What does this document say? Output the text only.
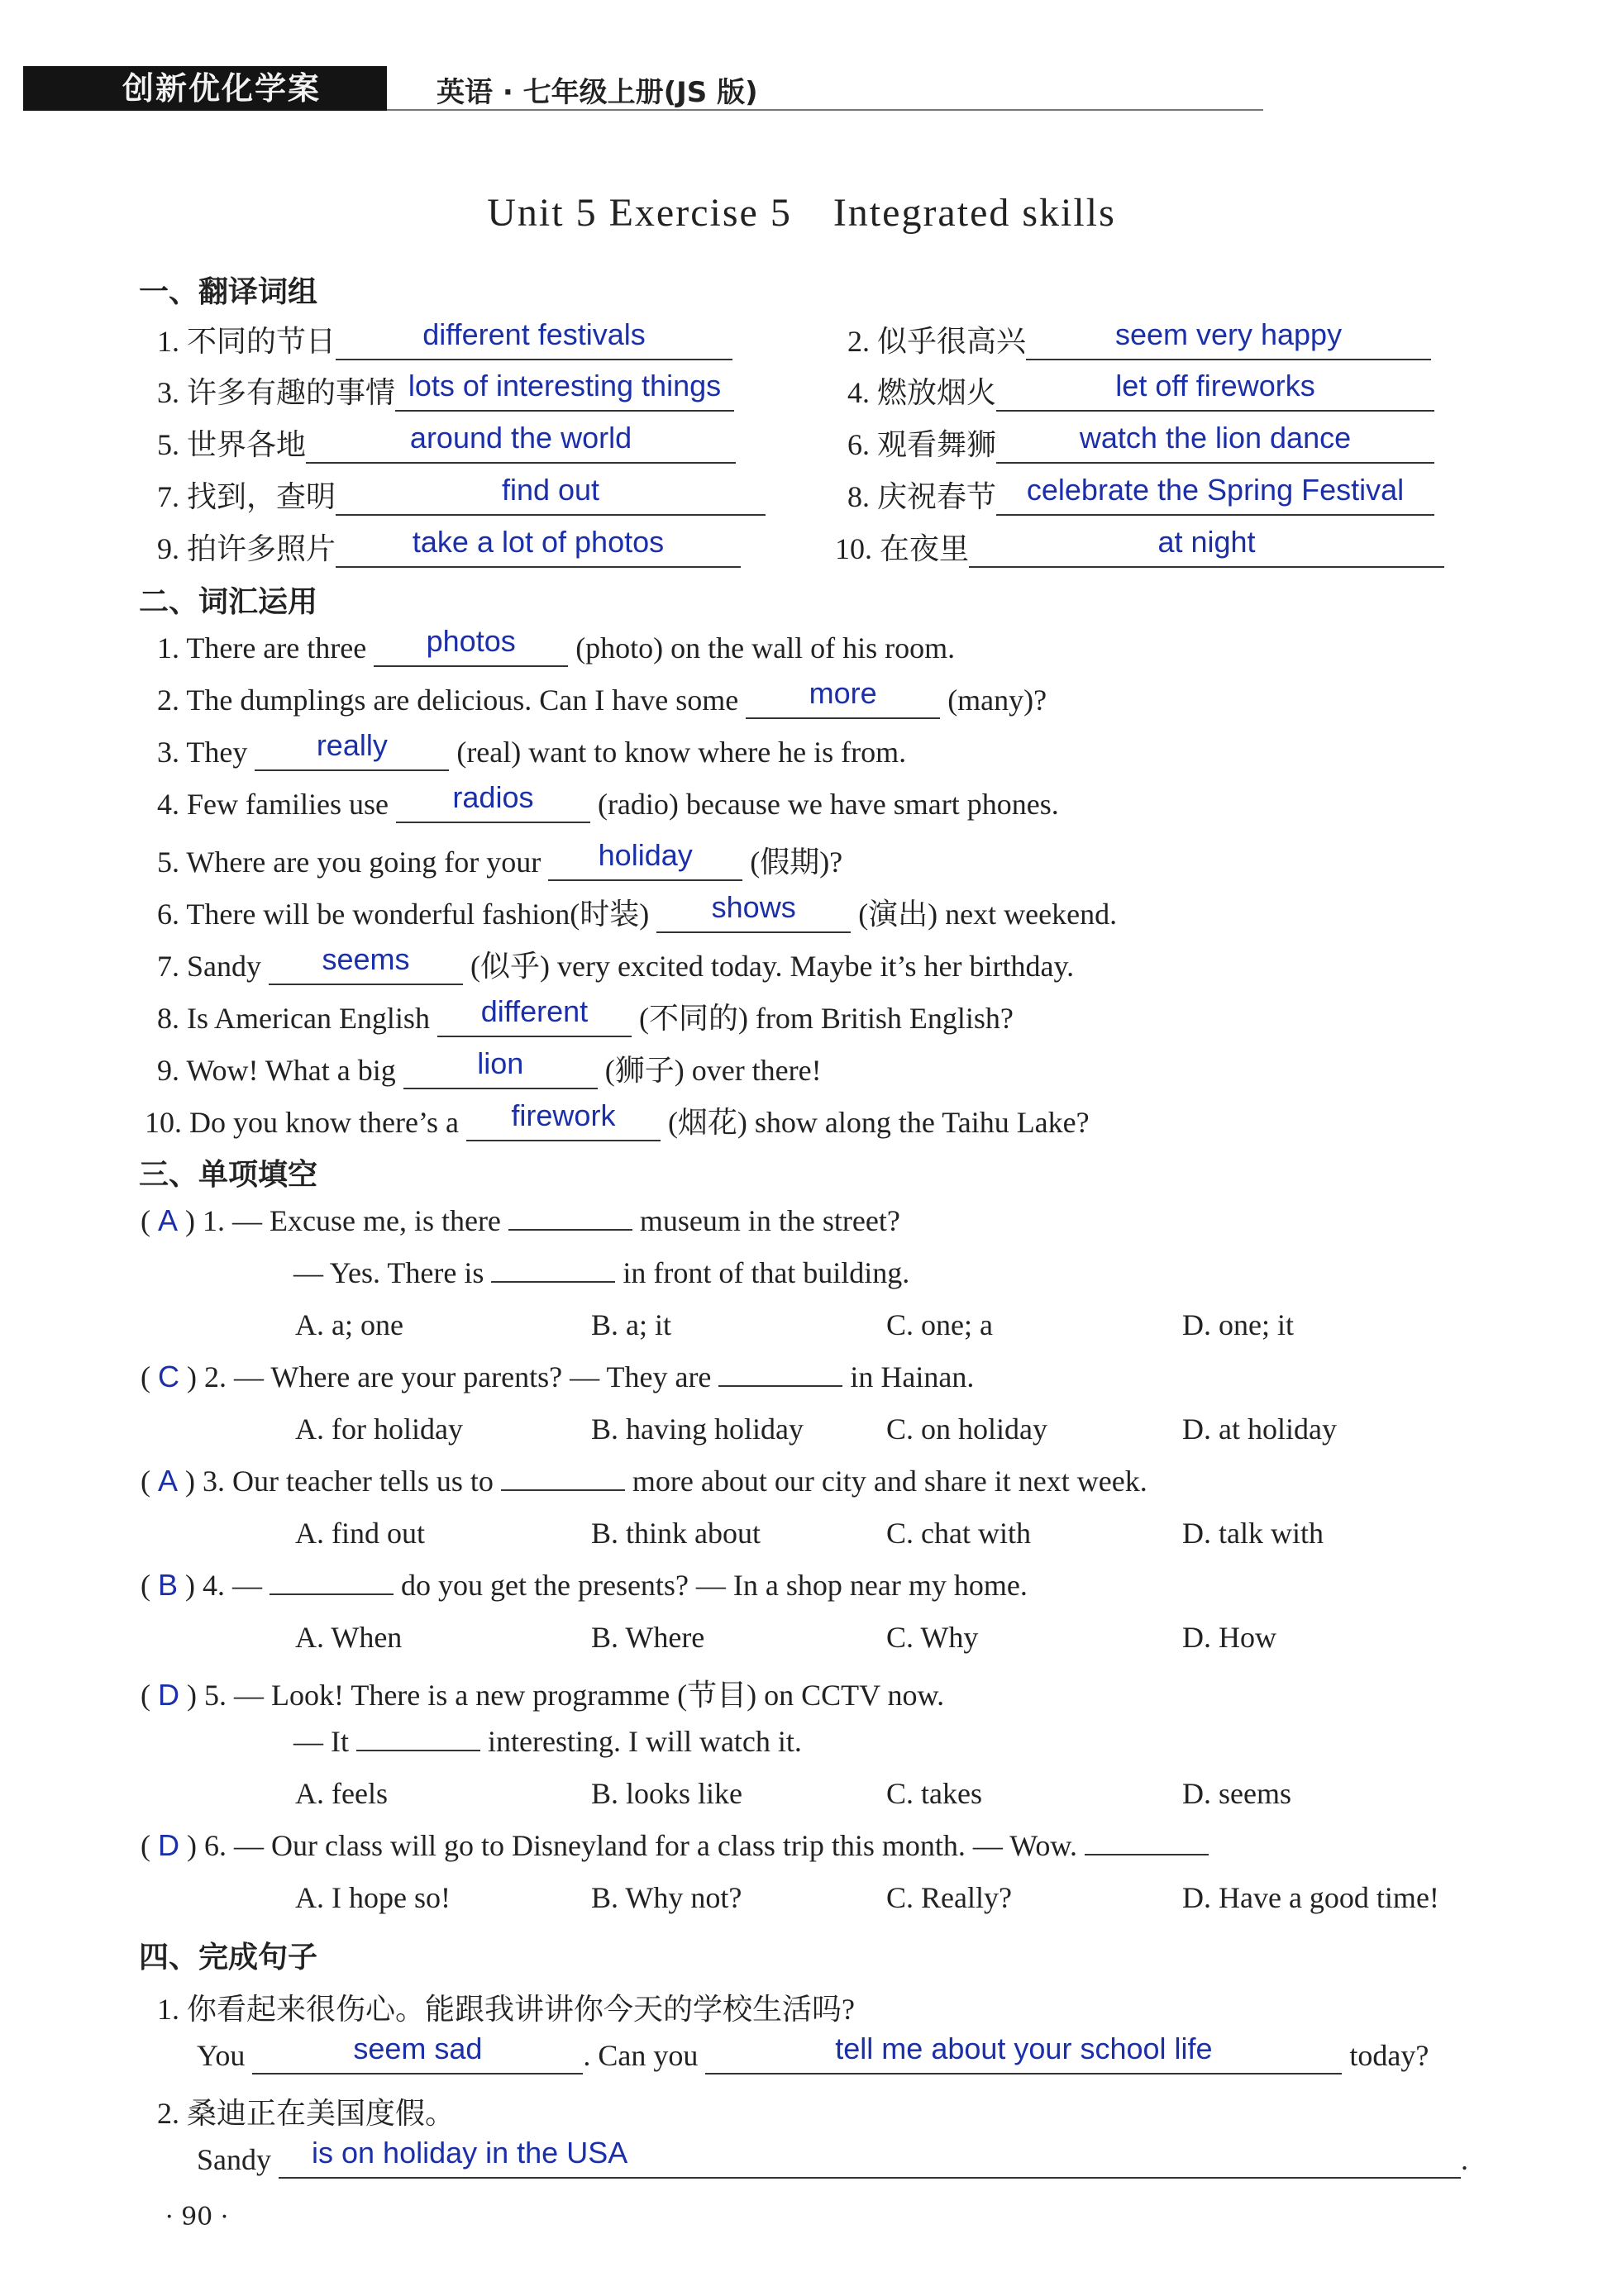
创新优化学案	英语 · 七年级上册(JS 版)
Unit 5 Exercise 5　Integrated skills
一、翻译词组
1. 不同的节日	different festivals	2. 似乎很高兴	seem very happy
3. 许多有趣的事情 lots of interesting things	4. 燃放烟火	let off fireworks
5. 世界各地	around the world	6. 观看舞狮	watch the lion dance
7. 找到，查明	find out	8. 庆祝春节 celebrate the Spring Festival
9. 拍许多照片	take a lot of photos	10. 在夜里	at night
二、词汇运用
1. There are three photos (photo) on the wall of his room.
2. The dumplings are delicious. Can I have some more (many)?
3. They really (real) want to know where he is from.
4. Few families use radios (radio) because we have smart phones.
5. Where are you going for your holiday (假期)?
6. There will be wonderful fashion(时装) shows (演出) next weekend.
7. Sandy seems (似乎) very excited today. Maybe it’s her birthday.
8. Is American English different (不同的) from British English?
9. Wow! What a big	lion	(狮子) over there!
10. Do you know there’s a firework (烟花) show along the Taihu Lake?
三、单项填空
( A ) 1. — Excuse me, is there	museum in the street?
— Yes. There is	in front of that building.
A. a; one	B. a; it	C. one; a	D. one; it
( C ) 2. — Where are your parents? — They are	in Hainan.
A. for holiday	B. having holiday	C. on holiday	D. at holiday
( A ) 3. Our teacher tells us to	more about our city and share it next week.
A. find out	B. think about	C. chat with	D. talk with
( B ) 4. —	do you get the presents? — In a shop near my home.
A. When	B. Where	C. Why	D. How
( D ) 5. — Look! There is a new programme (节目) on CCTV now.
— It	interesting. I will watch it.
A. feels	B. looks like	C. takes	D. seems
( D ) 6. — Our class will go to Disneyland for a class trip this month. — Wow.
A. I hope so!	B. Why not?	C. Really?	D. Have a good time!
四、完成句子
1. 你看起来很伤心。能跟我讲讲你今天的学校生活吗?
You	seem sad	. Can you	tell me about your school life	today?
2. 桑迪正在美国度假。
Sandy is on holiday in the USA	.
· 90 ·
